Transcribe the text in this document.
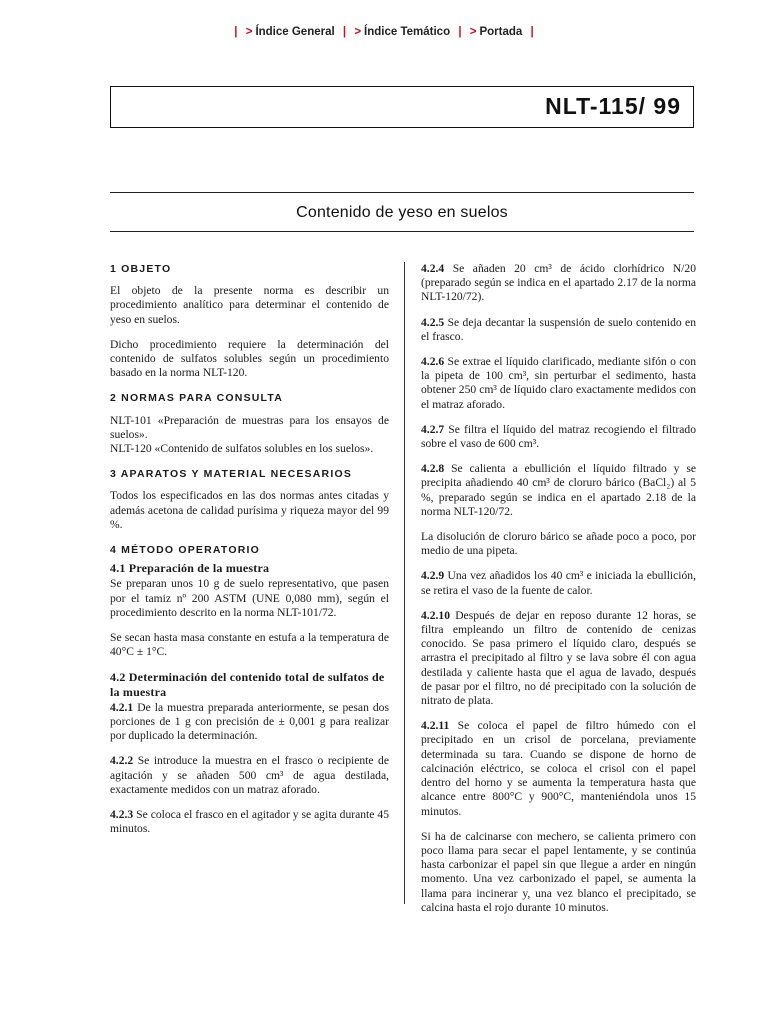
| > Índice General | > Índice Temático | > Portada |
NLT-115/ 99
Contenido de yeso en suelos
1 OBJETO

El objeto de la presente norma es describir un procedimiento analítico para determinar el contenido de yeso en suelos.

Dicho procedimiento requiere la determinación del contenido de sulfatos solubles según un procedimiento basado en la norma NLT-120.

2 NORMAS PARA CONSULTA

NLT-101 «Preparación de muestras para los ensayos de suelos».

NLT-120 «Contenido de sulfatos solubles en los suelos».

3 APARATOS Y MATERIAL NECESARIOS

Todos los especificados en las dos normas antes citadas y además acetona de calidad purísima y riqueza mayor del 99 %.

4 MÉTODO OPERATORIO
4.1 Preparación de la muestra

Se preparan unos 10 g de suelo representativo, que pasen por el tamiz nº 200 ASTM (UNE 0,080 mm), según el procedimiento descrito en la norma NLT-101/72.

Se secan hasta masa constante en estufa a la temperatura de 40°C ± 1°C.

4.2 Determinación del contenido total de sulfatos de la muestra

4.2.1 De la muestra preparada anteriormente, se pesan dos porciones de 1 g con precisión de ± 0,001 g para realizar por duplicado la determinación.

4.2.2 Se introduce la muestra en el frasco o recipiente de agitación y se añaden 500 cm³ de agua destilada, exactamente medidos con un matraz aforado.

4.2.3 Se coloca el frasco en el agitador y se agita durante 45 minutos.

4.2.4 Se añaden 20 cm³ de ácido clorhídrico N/20 (preparado según se indica en el apartado 2.17 de la norma NLT-120/72).

4.2.5 Se deja decantar la suspensión de suelo contenido en el frasco.

4.2.6 Se extrae el líquido clarificado, mediante sifón o con la pipeta de 100 cm³, sin perturbar el sedimento, hasta obtener 250 cm³ de líquido claro exactamente medidos con el matraz aforado.

4.2.7 Se filtra el líquido del matraz recogiendo el filtrado sobre el vaso de 600 cm³.

4.2.8 Se calienta a ebullición el líquido filtrado y se precipita añadiendo 40 cm³ de cloruro bárico (BaCl₂) al 5 %, preparado según se indica en el apartado 2.18 de la norma NLT-120/72.

La disolución de cloruro bárico se añade poco a poco, por medio de una pipeta.

4.2.9 Una vez añadidos los 40 cm³ e iniciada la ebullición, se retira el vaso de la fuente de calor.

4.2.10 Después de dejar en reposo durante 12 horas, se filtra empleando un filtro de contenido de cenizas conocido. Se pasa primero el líquido claro, después se arrastra el precipitado al filtro y se lava sobre él con agua destilada y caliente hasta que el agua de lavado, después de pasar por el filtro, no dé precipitado con la solución de nitrato de plata.

4.2.11 Se coloca el papel de filtro húmedo con el precipitado en un crisol de porcelana, previamente determinada su tara. Cuando se dispone de horno de calcinación eléctrico, se coloca el crisol con el papel dentro del horno y se aumenta la temperatura hasta que alcance entre 800°C y 900°C, manteniéndola unos 15 minutos.

Si ha de calcinarse con mechero, se calienta primero con poco llama para secar el papel lentamente, y se continúa hasta carbonizar el papel sin que llegue a arder en ningún momento. Una vez carbonizado el papel, se aumenta la llama para incinerar y, una vez blanco el precipitado, se calcina hasta el rojo durante 10 minutos.
